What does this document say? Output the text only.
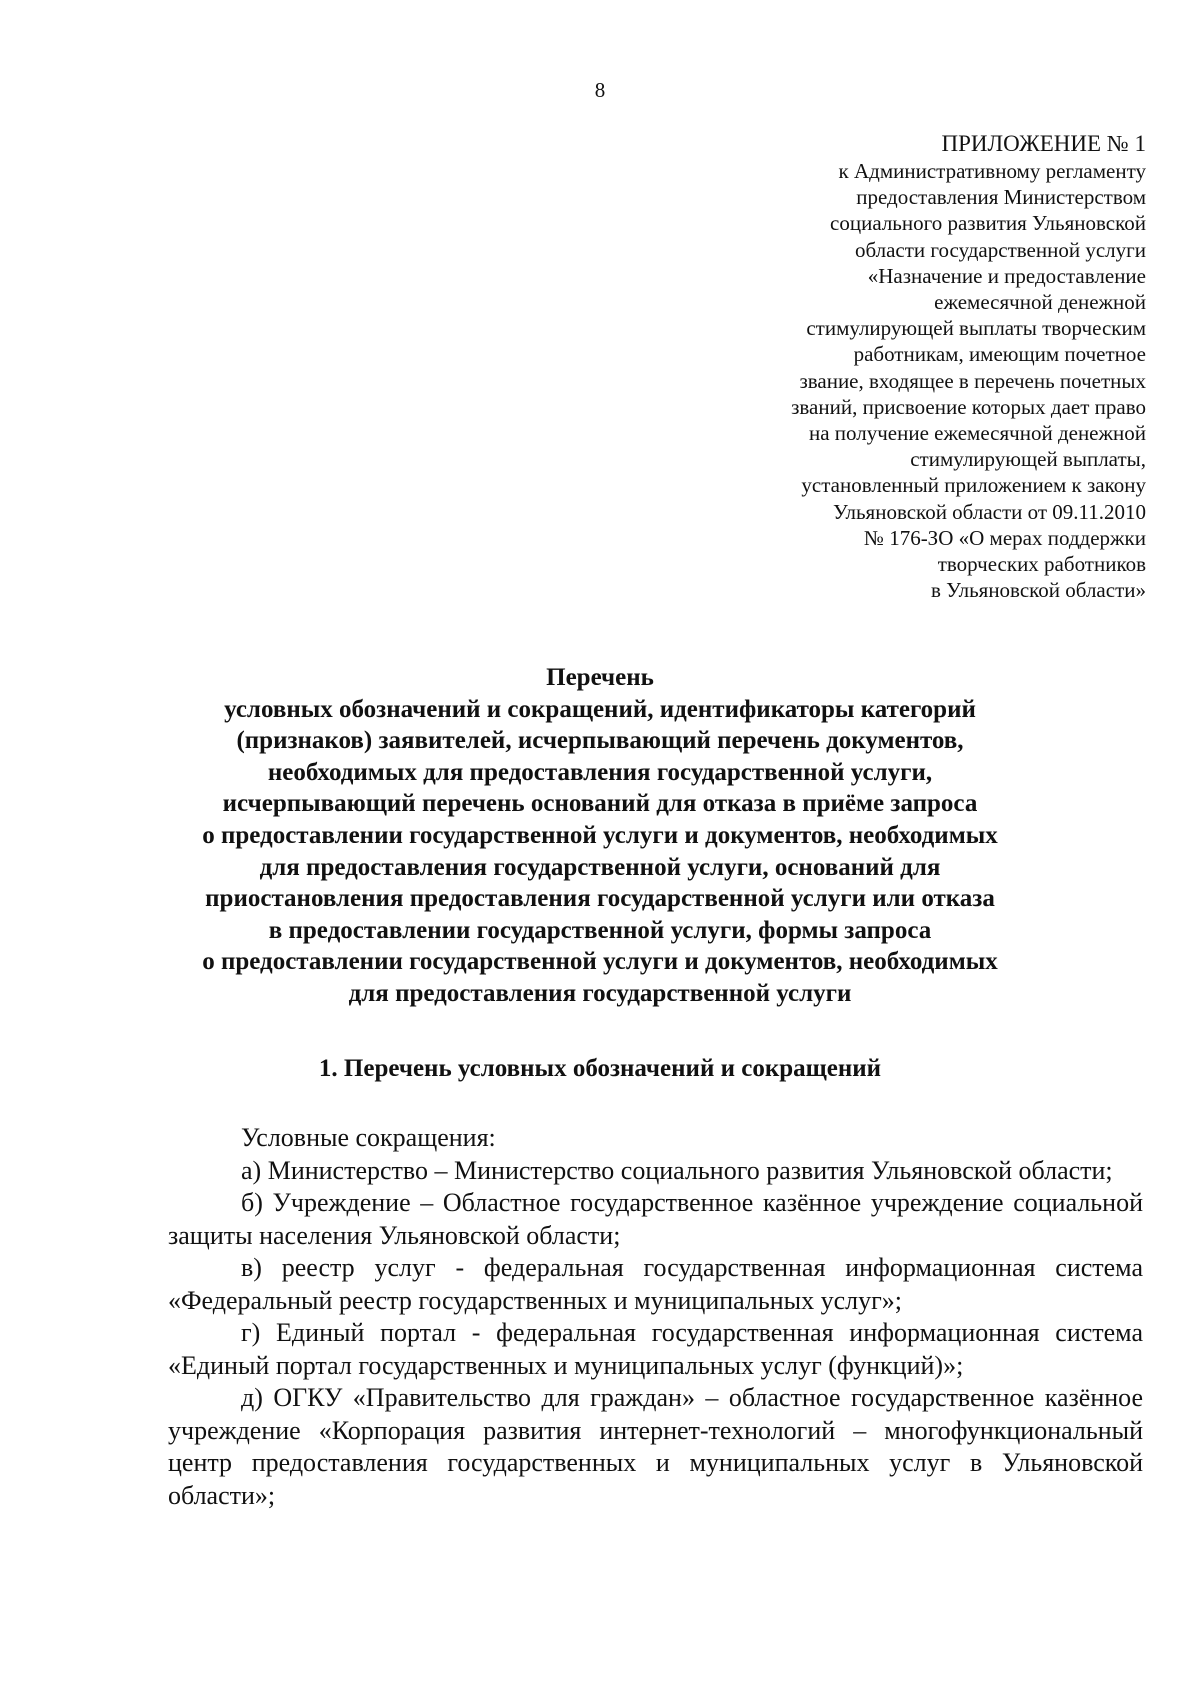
8
ПРИЛОЖЕНИЕ № 1
к Административному регламенту
предоставления Министерством
социального развития Ульяновской
области государственной услуги
«Назначение и предоставление
ежемесячной денежной
стимулирующей выплаты творческим
работникам, имеющим почетное
звание, входящее в перечень почетных
званий, присвоение которых дает право
на получение ежемесячной денежной
стимулирующей выплаты,
установленный приложением к закону
Ульяновской области от 09.11.2010
№ 176-ЗО «О мерах поддержки
творческих работников
в Ульяновской области»
Перечень
условных обозначений и сокращений, идентификаторы категорий
(признаков) заявителей, исчерпывающий перечень документов,
необходимых для предоставления государственной услуги,
исчерпывающий перечень оснований для отказа в приёме запроса
о предоставлении государственной услуги и документов, необходимых
для предоставления государственной услуги, оснований для
приостановления предоставления государственной услуги или отказа
в предоставлении государственной услуги, формы запроса
о предоставлении государственной услуги и документов, необходимых
для предоставления государственной услуги
1. Перечень условных обозначений и сокращений
Условные сокращения:
а) Министерство – Министерство социального развития Ульяновской области;
б) Учреждение – Областное государственное казённое учреждение социальной защиты населения Ульяновской области;
в) реестр услуг - федеральная государственная информационная система «Федеральный реестр государственных и муниципальных услуг»;
г) Единый портал - федеральная государственная информационная система «Единый портал государственных и муниципальных услуг (функций)»;
д) ОГКУ «Правительство для граждан» – областное государственное казённое учреждение «Корпорация развития интернет-технологий – многофункциональный центр предоставления государственных и муниципальных услуг в Ульяновской области»;
